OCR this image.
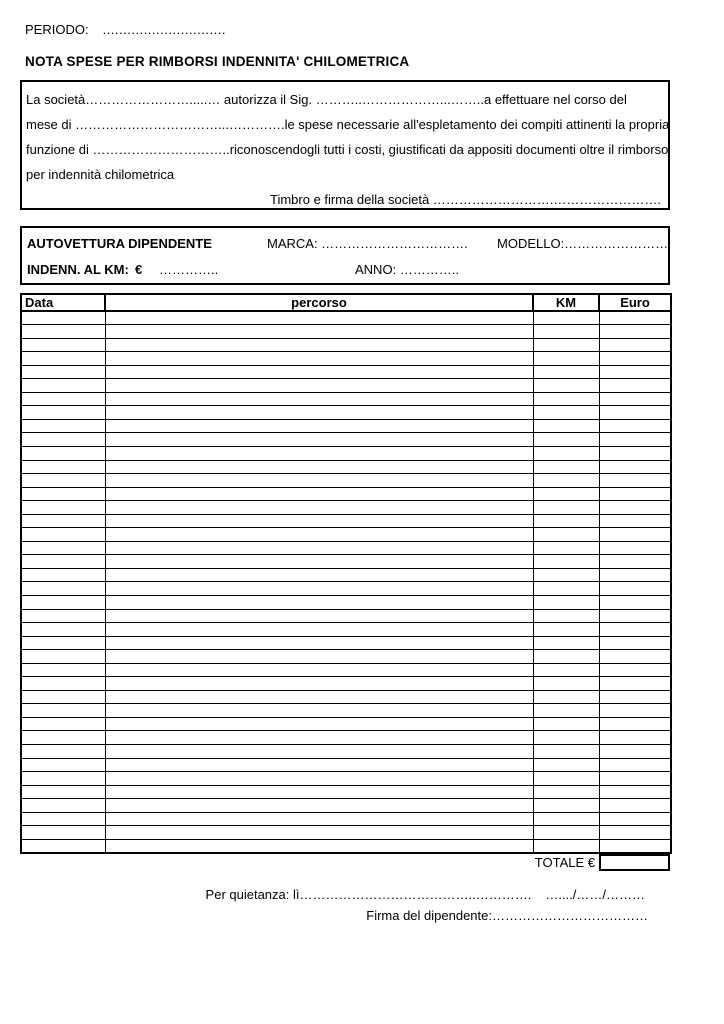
PERIODO: ..............................
NOTA SPESE PER RIMBORSI INDENNITA' CHILOMETRICA
La società…………………….....… autorizza il Sig. ………..………………...……..a effettuare nel corso del
mese di ……………………………...………….le spese necessarie all'espletamento dei compiti attinenti la propria
funzione di …………………………..riconoscendogli tutti i costi, giustificati da appositi documenti oltre il rimborso
per indennità chilometrica
Timbro e firma della società ……………………….…………………….
AUTOVETTURA DIPENDENTE	MARCA: ……………………………. MODELLO:……………………
INDENN. AL KM: € …………..	ANNO: …………..
Data	percorso	KM	Euro

TOTALE €
Per quietanza: lì…………………………………..…………. …..../……/………
Firma del dipendente:………………………………
